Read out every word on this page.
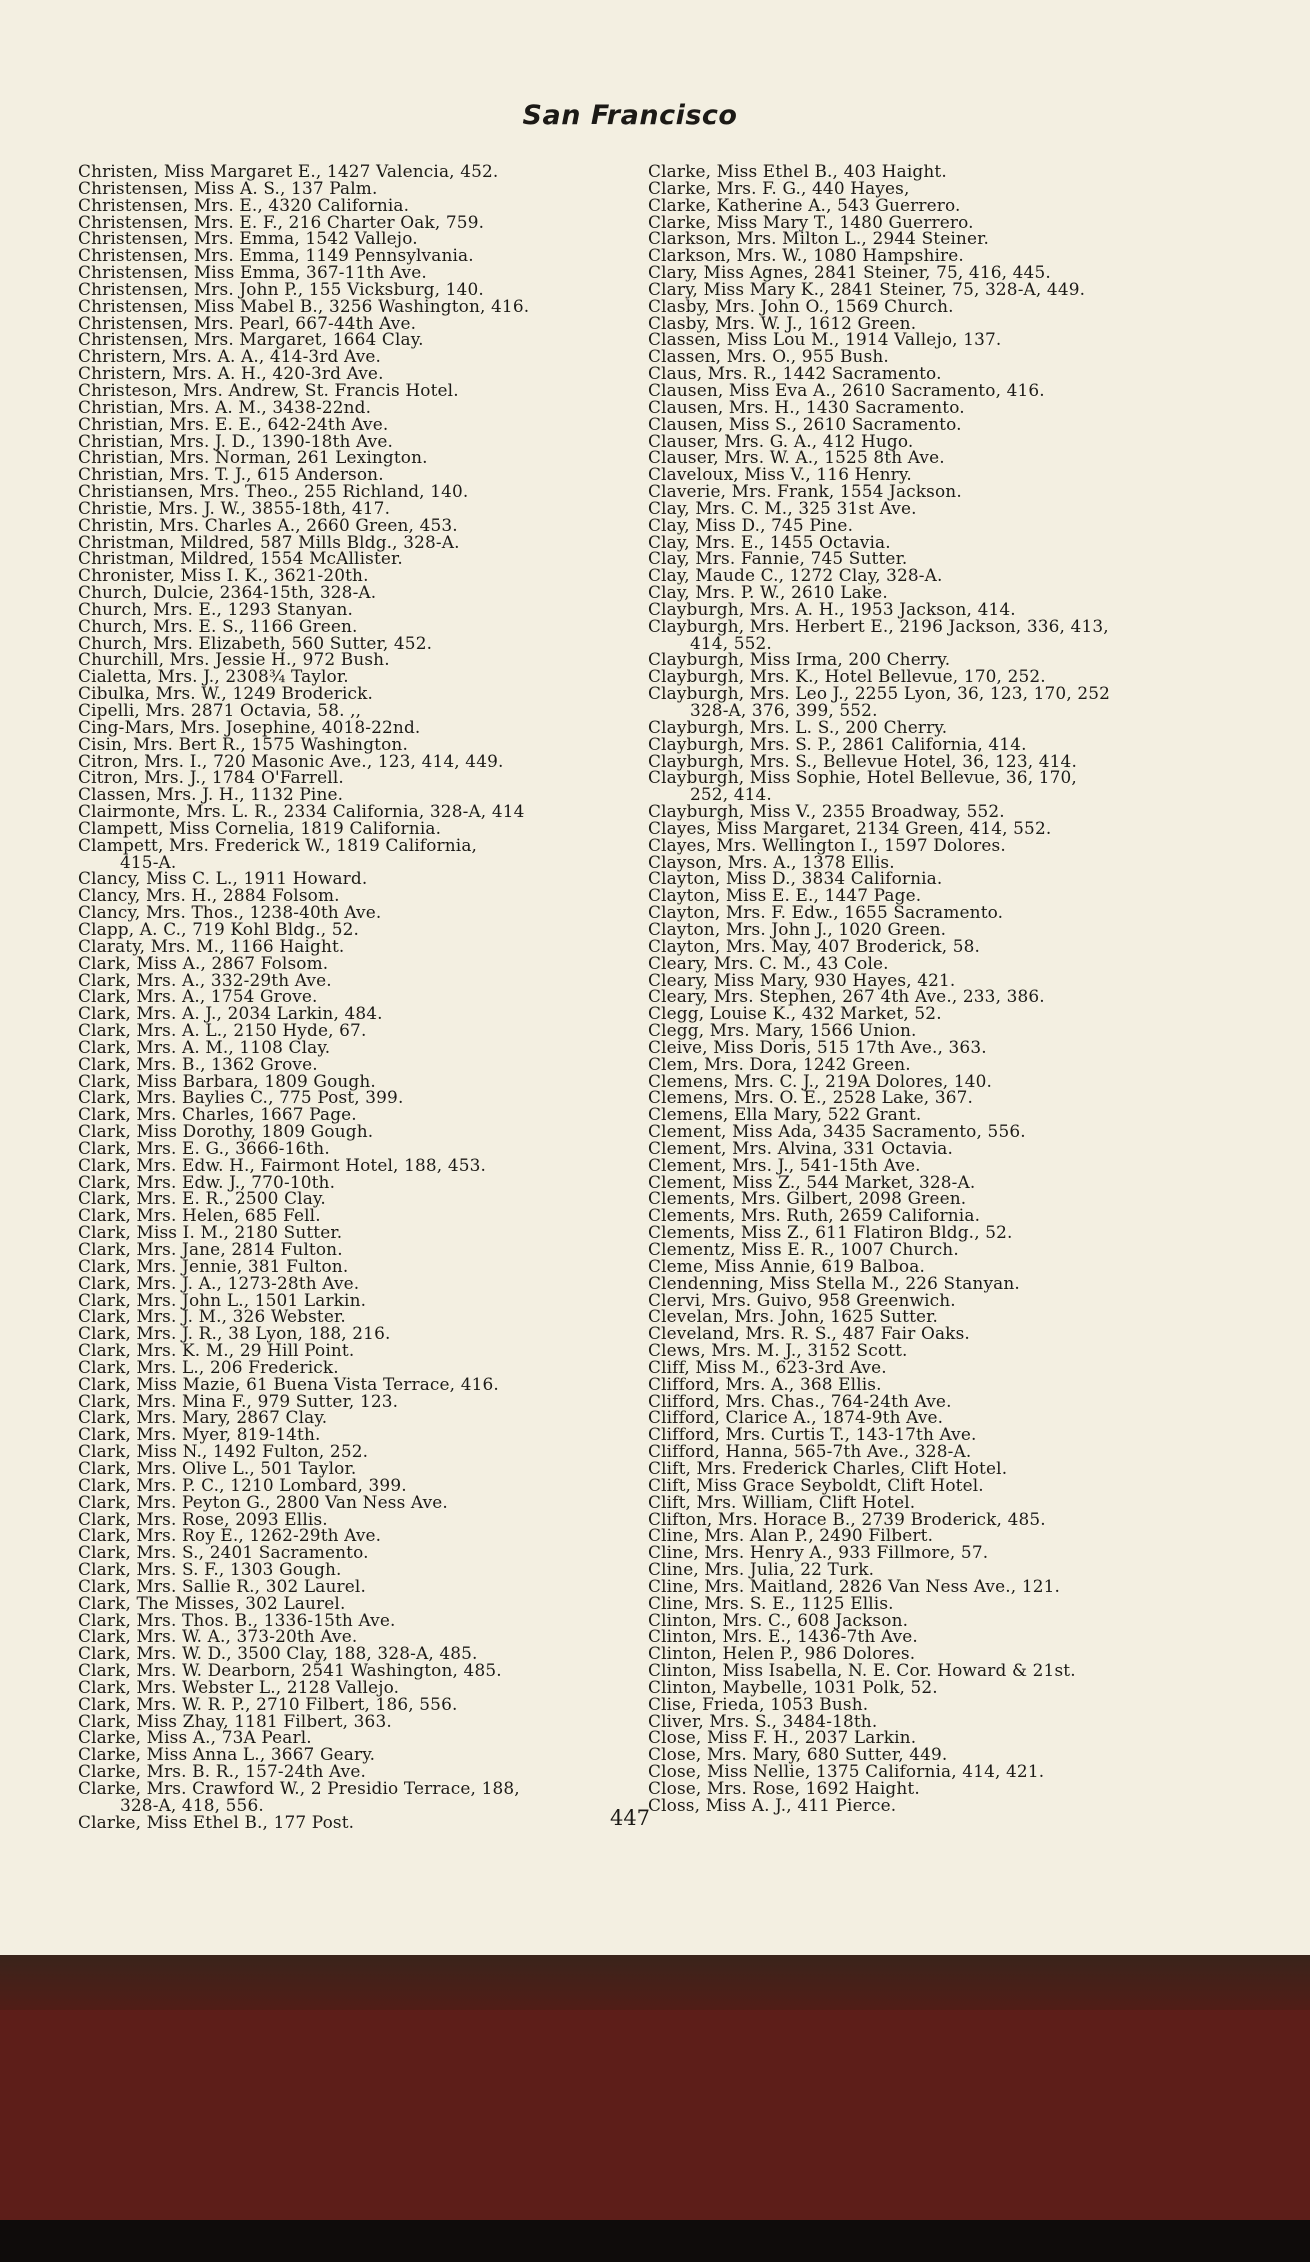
San Francisco
Christen, Miss Margaret E., 1427 Valencia, 452.
Christensen, Miss A. S., 137 Palm.
Christensen, Mrs. E., 4320 California.
Christensen, Mrs. E. F., 216 Charter Oak, 759.
Christensen, Mrs. Emma, 1542 Vallejo.
Christensen, Mrs. Emma, 1149 Pennsylvania.
Christensen, Miss Emma, 367-11th Ave.
Christensen, Mrs. John P., 155 Vicksburg, 140.
Christensen, Miss Mabel B., 3256 Washington, 416.
Christensen, Mrs. Pearl, 667-44th Ave.
Christensen, Mrs. Margaret, 1664 Clay.
Christern, Mrs. A. A., 414-3rd Ave.
Christern, Mrs. A. H., 420-3rd Ave.
Christeson, Mrs. Andrew, St. Francis Hotel.
Christian, Mrs. A. M., 3438-22nd.
Christian, Mrs. E. E., 642-24th Ave.
Christian, Mrs. J. D., 1390-18th Ave.
Christian, Mrs. Norman, 261 Lexington.
Christian, Mrs. T. J., 615 Anderson.
Christiansen, Mrs. Theo., 255 Richland, 140.
Christie, Mrs. J. W., 3855-18th, 417.
Christin, Mrs. Charles A., 2660 Green, 453.
Christman, Mildred, 587 Mills Bldg., 328-A.
Christman, Mildred, 1554 McAllister.
Chronister, Miss I. K., 3621-20th.
Church, Dulcie, 2364-15th, 328-A.
Church, Mrs. E., 1293 Stanyan.
Church, Mrs. E. S., 1166 Green.
Church, Mrs. Elizabeth, 560 Sutter, 452.
Churchill, Mrs. Jessie H., 972 Bush.
Cialetta, Mrs. J., 2308¾ Taylor.
Cibulka, Mrs. W., 1249 Broderick.
Cipelli, Mrs. 2871 Octavia, 58. ,,
Cing-Mars, Mrs. Josephine, 4018-22nd.
Cisin, Mrs. Bert R., 1575 Washington.
Citron, Mrs. I., 720 Masonic Ave., 123, 414, 449.
Citron, Mrs. J., 1784 O'Farrell.
Classen, Mrs. J. H., 1132 Pine.
Clairmonte, Mrs. L. R., 2334 California, 328-A, 414
Clampett, Miss Cornelia, 1819 California.
Clampett, Mrs. Frederick W., 1819 California,
415-A.
Clancy, Miss C. L., 1911 Howard.
Clancy, Mrs. H., 2884 Folsom.
Clancy, Mrs. Thos., 1238-40th Ave.
Clapp, A. C., 719 Kohl Bldg., 52.
Claraty, Mrs. M., 1166 Haight.
Clark, Miss A., 2867 Folsom.
Clark, Mrs. A., 332-29th Ave.
Clark, Mrs. A., 1754 Grove.
Clark, Mrs. A. J., 2034 Larkin, 484.
Clark, Mrs. A. L., 2150 Hyde, 67.
Clark, Mrs. A. M., 1108 Clay.
Clark, Mrs. B., 1362 Grove.
Clark, Miss Barbara, 1809 Gough.
Clark, Mrs. Baylies C., 775 Post, 399.
Clark, Mrs. Charles, 1667 Page.
Clark, Miss Dorothy, 1809 Gough.
Clark, Mrs. E. G., 3666-16th.
Clark, Mrs. Edw. H., Fairmont Hotel, 188, 453.
Clark, Mrs. Edw. J., 770-10th.
Clark, Mrs. E. R., 2500 Clay.
Clark, Mrs. Helen, 685 Fell.
Clark, Miss I. M., 2180 Sutter.
Clark, Mrs. Jane, 2814 Fulton.
Clark, Mrs. Jennie, 381 Fulton.
Clark, Mrs. J. A., 1273-28th Ave.
Clark, Mrs. John L., 1501 Larkin.
Clark, Mrs. J. M., 326 Webster.
Clark, Mrs. J. R., 38 Lyon, 188, 216.
Clark, Mrs. K. M., 29 Hill Point.
Clark, Mrs. L., 206 Frederick.
Clark, Miss Mazie, 61 Buena Vista Terrace, 416.
Clark, Mrs. Mina F., 979 Sutter, 123.
Clark, Mrs. Mary, 2867 Clay.
Clark, Mrs. Myer, 819-14th.
Clark, Miss N., 1492 Fulton, 252.
Clark, Mrs. Olive L., 501 Taylor.
Clark, Mrs. P. C., 1210 Lombard, 399.
Clark, Mrs. Peyton G., 2800 Van Ness Ave.
Clark, Mrs. Rose, 2093 Ellis.
Clark, Mrs. Roy E., 1262-29th Ave.
Clark, Mrs. S., 2401 Sacramento.
Clark, Mrs. S. F., 1303 Gough.
Clark, Mrs. Sallie R., 302 Laurel.
Clark, The Misses, 302 Laurel.
Clark, Mrs. Thos. B., 1336-15th Ave.
Clark, Mrs. W. A., 373-20th Ave.
Clark, Mrs. W. D., 3500 Clay, 188, 328-A, 485.
Clark, Mrs. W. Dearborn, 2541 Washington, 485.
Clark, Mrs. Webster L., 2128 Vallejo.
Clark, Mrs. W. R. P., 2710 Filbert, 186, 556.
Clark, Miss Zhay, 1181 Filbert, 363.
Clarke, Miss A., 73A Pearl.
Clarke, Miss Anna L., 3667 Geary.
Clarke, Mrs. B. R., 157-24th Ave.
Clarke, Mrs. Crawford W., 2 Presidio Terrace, 188,
328-A, 418, 556.
Clarke, Miss Ethel B., 177 Post.
Clarke, Miss Ethel B., 403 Haight.
Clarke, Mrs. F. G., 440 Hayes,
Clarke, Katherine A., 543 Guerrero.
Clarke, Miss Mary T., 1480 Guerrero.
Clarkson, Mrs. Milton L., 2944 Steiner.
Clarkson, Mrs. W., 1080 Hampshire.
Clary, Miss Agnes, 2841 Steiner, 75, 416, 445.
Clary, Miss Mary K., 2841 Steiner, 75, 328-A, 449.
Clasby, Mrs. John O., 1569 Church.
Clasby, Mrs. W. J., 1612 Green.
Classen, Miss Lou M., 1914 Vallejo, 137.
Classen, Mrs. O., 955 Bush.
Claus, Mrs. R., 1442 Sacramento.
Clausen, Miss Eva A., 2610 Sacramento, 416.
Clausen, Mrs. H., 1430 Sacramento.
Clausen, Miss S., 2610 Sacramento.
Clauser, Mrs. G. A., 412 Hugo.
Clauser, Mrs. W. A., 1525 8th Ave.
Claveloux, Miss V., 116 Henry.
Claverie, Mrs. Frank, 1554 Jackson.
Clay, Mrs. C. M., 325 31st Ave.
Clay, Miss D., 745 Pine.
Clay, Mrs. E., 1455 Octavia.
Clay, Mrs. Fannie, 745 Sutter.
Clay, Maude C., 1272 Clay, 328-A.
Clay, Mrs. P. W., 2610 Lake.
Clayburgh, Mrs. A. H., 1953 Jackson, 414.
Clayburgh, Mrs. Herbert E., 2196 Jackson, 336, 413,
414, 552.
Clayburgh, Miss Irma, 200 Cherry.
Clayburgh, Mrs. K., Hotel Bellevue, 170, 252.
Clayburgh, Mrs. Leo J., 2255 Lyon, 36, 123, 170, 252
328-A, 376, 399, 552.
Clayburgh, Mrs. L. S., 200 Cherry.
Clayburgh, Mrs. S. P., 2861 California, 414.
Clayburgh, Mrs. S., Bellevue Hotel, 36, 123, 414.
Clayburgh, Miss Sophie, Hotel Bellevue, 36, 170,
252, 414.
Clayburgh, Miss V., 2355 Broadway, 552.
Clayes, Miss Margaret, 2134 Green, 414, 552.
Clayes, Mrs. Wellington I., 1597 Dolores.
Clayson, Mrs. A., 1378 Ellis.
Clayton, Miss D., 3834 California.
Clayton, Miss E. E., 1447 Page.
Clayton, Mrs. F. Edw., 1655 Sacramento.
Clayton, Mrs. John J., 1020 Green.
Clayton, Mrs. May, 407 Broderick, 58.
Cleary, Mrs. C. M., 43 Cole.
Cleary, Miss Mary, 930 Hayes, 421.
Cleary, Mrs. Stephen, 267 4th Ave., 233, 386.
Clegg, Louise K., 432 Market, 52.
Clegg, Mrs. Mary, 1566 Union.
Cleive, Miss Doris, 515 17th Ave., 363.
Clem, Mrs. Dora, 1242 Green.
Clemens, Mrs. C. J., 219A Dolores, 140.
Clemens, Mrs. O. E., 2528 Lake, 367.
Clemens, Ella Mary, 522 Grant.
Clement, Miss Ada, 3435 Sacramento, 556.
Clement, Mrs. Alvina, 331 Octavia.
Clement, Mrs. J., 541-15th Ave.
Clement, Miss Z., 544 Market, 328-A.
Clements, Mrs. Gilbert, 2098 Green.
Clements, Mrs. Ruth, 2659 California.
Clements, Miss Z., 611 Flatiron Bldg., 52.
Clementz, Miss E. R., 1007 Church.
Cleme, Miss Annie, 619 Balboa.
Clendenning, Miss Stella M., 226 Stanyan.
Clervi, Mrs. Guivo, 958 Greenwich.
Clevelan, Mrs. John, 1625 Sutter.
Cleveland, Mrs. R. S., 487 Fair Oaks.
Clews, Mrs. M. J., 3152 Scott.
Cliff, Miss M., 623-3rd Ave.
Clifford, Mrs. A., 368 Ellis.
Clifford, Mrs. Chas., 764-24th Ave.
Clifford, Clarice A., 1874-9th Ave.
Clifford, Mrs. Curtis T., 143-17th Ave.
Clifford, Hanna, 565-7th Ave., 328-A.
Clift, Mrs. Frederick Charles, Clift Hotel.
Clift, Miss Grace Seyboldt, Clift Hotel.
Clift, Mrs. William, Clift Hotel.
Clifton, Mrs. Horace B., 2739 Broderick, 485.
Cline, Mrs. Alan P., 2490 Filbert.
Cline, Mrs. Henry A., 933 Fillmore, 57.
Cline, Mrs. Julia, 22 Turk.
Cline, Mrs. Maitland, 2826 Van Ness Ave., 121.
Cline, Mrs. S. E., 1125 Ellis.
Clinton, Mrs. C., 608 Jackson.
Clinton, Mrs. E., 1436-7th Ave.
Clinton, Helen P., 986 Dolores.
Clinton, Miss Isabella, N. E. Cor. Howard & 21st.
Clinton, Maybelle, 1031 Polk, 52.
Clise, Frieda, 1053 Bush.
Cliver, Mrs. S., 3484-18th.
Close, Miss F. H., 2037 Larkin.
Close, Mrs. Mary, 680 Sutter, 449.
Close, Miss Nellie, 1375 California, 414, 421.
Close, Mrs. Rose, 1692 Haight.
Closs, Miss A. J., 411 Pierce.
447
